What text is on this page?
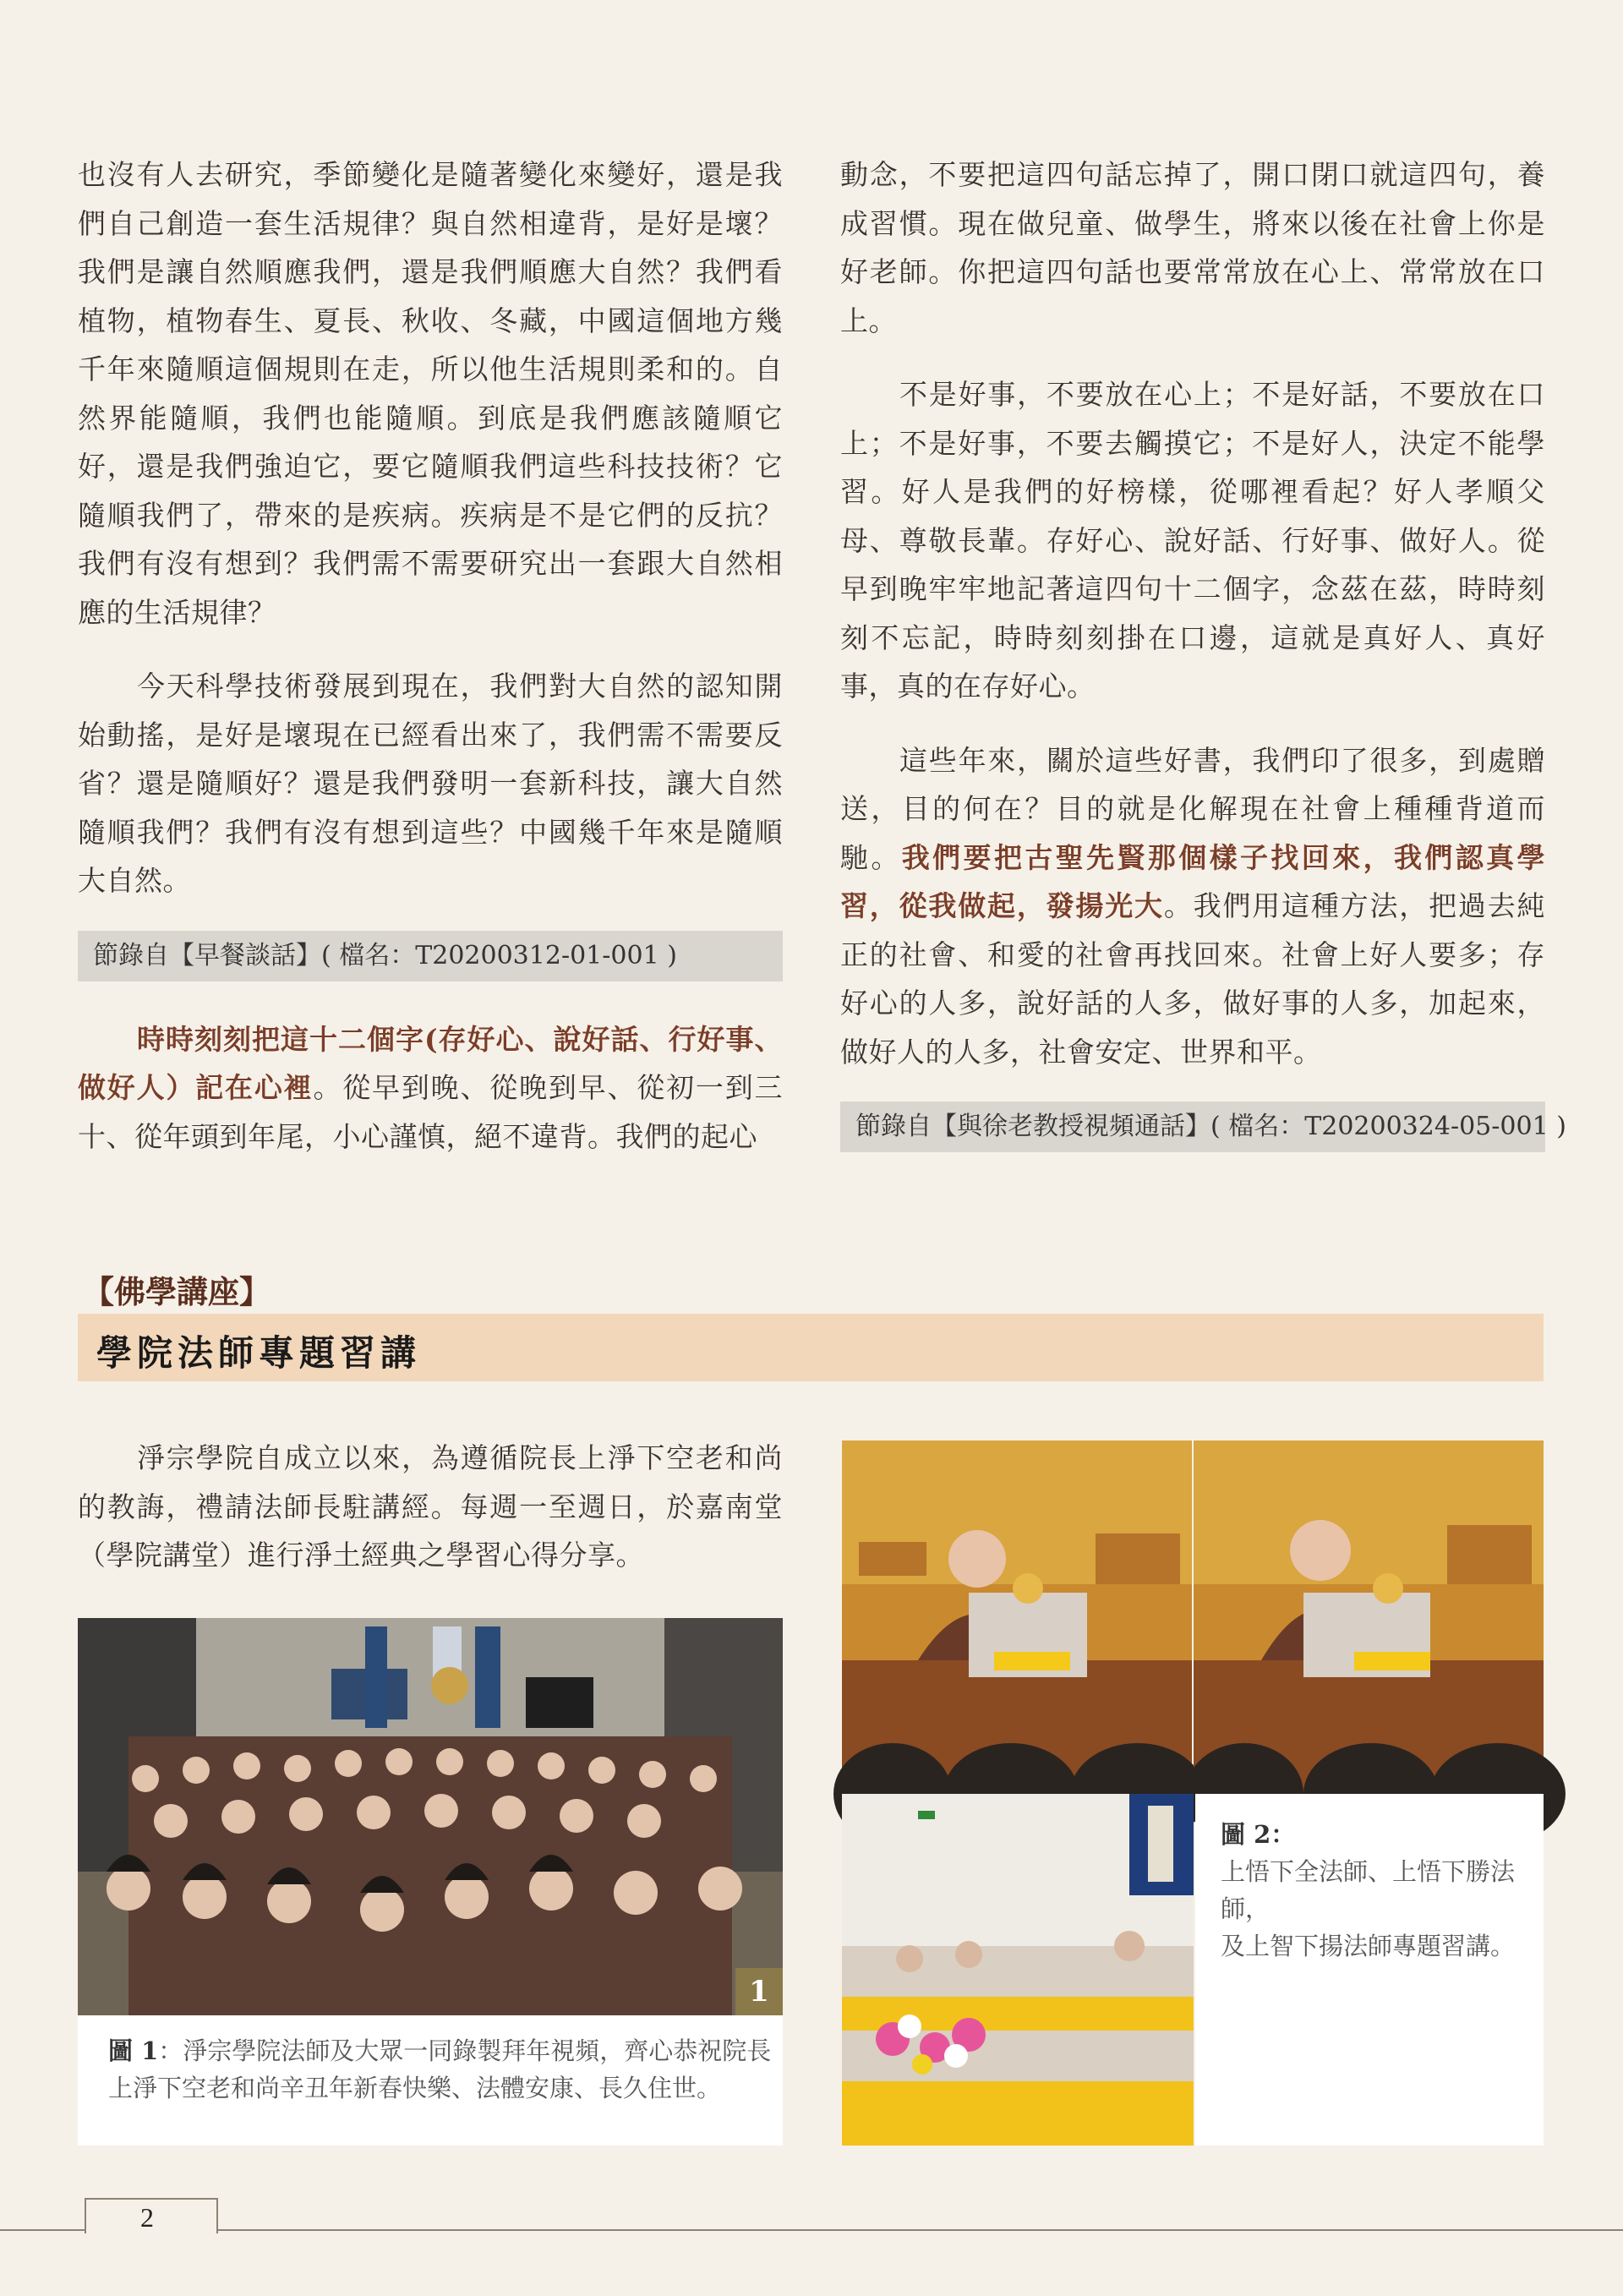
也沒有人去研究，季節變化是隨著變化來變好，還是我們自己創造一套生活規律？與自然相違背，是好是壞？我們是讓自然順應我們，還是我們順應大自然？我們看植物，植物春生、夏長、秋收、冬藏，中國這個地方幾千年來隨順這個規則在走，所以他生活規則柔和的。自然界能隨順，我們也能隨順。到底是我們應該隨順它好，還是我們強迫它，要它隨順我們這些科技技術？它隨順我們了，帶來的是疾病。疾病是不是它們的反抗？我們有沒有想到？我們需不需要研究出一套跟大自然相應的生活規律？

今天科學技術發展到現在，我們對大自然的認知開始動搖，是好是壞現在已經看出來了，我們需不需要反省？還是隨順好？還是我們發明一套新科技，讓大自然隨順我們？我們有沒有想到這些？中國幾千年來是隨順大自然。

節錄自【早餐談話】( 檔名：T20200312-01-001 )

時時刻刻把這十二個字(存好心、說好話、行好事、做好人）記在心裡。從早到晚、從晚到早、從初一到三十、從年頭到年尾，小心謹慎，絕不違背。我們的起心

動念，不要把這四句話忘掉了，開口閉口就這四句，養成習慣。現在做兒童、做學生，將來以後在社會上你是好老師。你把這四句話也要常常放在心上、常常放在口上。

不是好事，不要放在心上；不是好話，不要放在口上；不是好事，不要去觸摸它；不是好人，決定不能學習。好人是我們的好榜樣，從哪裡看起？好人孝順父母、尊敬長輩。存好心、說好話、行好事、做好人。從早到晚牢牢地記著這四句十二個字，念茲在茲，時時刻刻不忘記，時時刻刻掛在口邊，這就是真好人、真好事，真的在存好心。

這些年來，關於這些好書，我們印了很多，到處贈送，目的何在？目的就是化解現在社會上種種背道而馳。我們要把古聖先賢那個樣子找回來，我們認真學習，從我做起，發揚光大。我們用這種方法，把過去純正的社會、和愛的社會再找回來。社會上好人要多；存好心的人多，說好話的人多，做好事的人多，加起來，做好人的人多，社會安定、世界和平。

節錄自【與徐老教授視頻通話】( 檔名：T20200324-05-001 )
【佛學講座】
學院法師專題習講

淨宗學院自成立以來，為遵循院長上淨下空老和尚的教誨，禮請法師長駐講經。每週一至週日，於嘉南堂（學院講堂）進行淨土經典之學習心得分享。

1
圖 1：淨宗學院法師及大眾一同錄製拜年視頻，齊心恭祝院長上淨下空老和尚辛丑年新春快樂、法體安康、長久住世。
圖 2：
上悟下全法師、上悟下勝法師，
及上智下揚法師專題習講。
2
